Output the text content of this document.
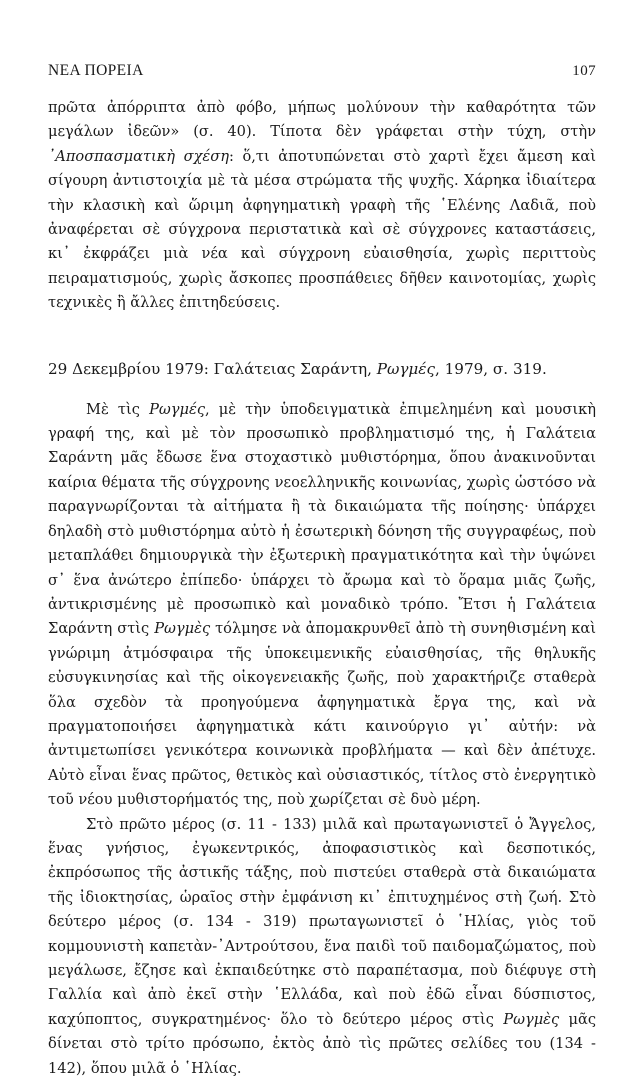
ΝΕΑ ΠΟΡΕΙΑ	107

πρῶτα ἀπόρριπτα ἀπὸ φόβο, μήπως μολύνουν τὴν καθαρότητα τῶν μεγάλων ἰδεῶν» (σ. 40). Τίποτα δὲν γράφεται στὴν τύχη, στὴν ᾿Αποσπασματικὴ σχέση: ὅ,τι ἀποτυπώνεται στὸ χαρτὶ ἔχει ἄμεση καὶ σίγουρη ἀντιστοιχία μὲ τὰ μέσα στρώματα τῆς ψυχῆς. Χάρηκα ἰδιαίτερα τὴν κλασικὴ καὶ ὥριμη ἀφηγηματικὴ γραφὴ τῆς ῾Ελένης Λαδιᾶ, ποὺ ἀναφέρεται σὲ σύγχρονα περιστατικὰ καὶ σὲ σύγχρονες καταστάσεις, κι᾿ ἐκφράζει μιὰ νέα καὶ σύγχρονη εὐαισθησία, χωρὶς περιττοὺς πειραματισμούς, χωρὶς ἄσκοπες προσπάθειες δῆθεν καινοτομίας, χωρὶς τεχνικὲς ἢ ἄλλες ἐπιτηδεύσεις.

29 Δεκεμβρίου 1979: Γαλάτειας Σαράντη, Ρωγμές, 1979, σ. 319.

Μὲ τὶς Ρωγμές, μὲ τὴν ὑποδειγματικὰ ἐπιμελημένη καὶ μουσικὴ γραφή της, καὶ μὲ τὸν προσωπικὸ προβληματισμό της, ἡ Γαλάτεια Σαράντη μᾶς ἔδωσε ἕνα στοχαστικὸ μυθιστόρημα, ὅπου ἀνακινοῦνται καίρια θέματα τῆς σύγχρονης νεοελληνικῆς κοινωνίας, χωρὶς ὡστόσο νὰ παραγνωρίζονται τὰ αἰτήματα ἢ τὰ δικαιώματα τῆς ποίησης· ὑπάρχει δηλαδὴ στὸ μυθιστόρημα αὐτὸ ἡ ἐσωτερικὴ δόνηση τῆς συγγραφέως, ποὺ μεταπλάθει δημιουργικὰ τὴν ἐξωτερικὴ πραγματικότητα καὶ τὴν ὑψώνει σ᾿ ἕνα ἀνώτερο ἐπίπεδο· ὑπάρχει τὸ ἄρωμα καὶ τὸ ὅραμα μιᾶς ζωῆς, ἀντικρισμένης μὲ προσωπικὸ καὶ μοναδικὸ τρόπο. Ἔτσι ἡ Γαλάτεια Σαράντη στὶς Ρωγμὲς τόλμησε νὰ ἀπομακρυνθεῖ ἀπὸ τὴ συνηθισμένη καὶ γνώριμη ἀτμόσφαιρα τῆς ὑποκειμενικῆς εὐαισθησίας, τῆς θηλυκῆς εὐσυγκινησίας καὶ τῆς οἰκογενειακῆς ζωῆς, ποὺ χαρακτήριζε σταθερὰ ὅλα σχεδὸν τὰ προηγούμενα ἀφηγηματικὰ ἔργα της, καὶ νὰ πραγματοποιήσει ἀφηγηματικὰ κάτι καινούργιο γι᾿ αὐτήν: νὰ ἀντιμετωπίσει γενικότερα κοινωνικὰ προβλήματα — καὶ δὲν ἀπέτυχε. Αὐτὸ εἶναι ἕνας πρῶτος, θετικὸς καὶ οὐσιαστικός, τίτλος στὸ ἐνεργητικὸ τοῦ νέου μυθιστορήματός της, ποὺ χωρίζεται σὲ δυὸ μέρη.

Στὸ πρῶτο μέρος (σ. 11 - 133) μιλᾶ καὶ πρωταγωνιστεῖ ὁ Ἄγγελος, ἕνας γνήσιος, ἐγωκεντρικός, ἀποφασιστικὸς καὶ δεσποτικός, ἐκπρόσωπος τῆς ἀστικῆς τάξης, ποὺ πιστεύει σταθερὰ στὰ δικαιώματα τῆς ἰδιοκτησίας, ὡραῖος στὴν ἐμφάνιση κι᾿ ἐπιτυχημένος στὴ ζωή. Στὸ δεύτερο μέρος (σ. 134 - 319) πρωταγωνιστεῖ ὁ ῾Ηλίας, γιὸς τοῦ κομμουνιστὴ καπετὰν-᾿Αντρούτσου, ἕνα παιδὶ τοῦ παιδομαζώματος, ποὺ μεγάλωσε, ἔζησε καὶ ἐκπαιδεύτηκε στὸ παραπέτασμα, ποὺ διέφυγε στὴ Γαλλία καὶ ἀπὸ ἐκεῖ στὴν ῾Ελλάδα, καὶ ποὺ ἐδῶ εἶναι δύσπιστος, καχύποπτος, συγκρατημένος· ὅλο τὸ δεύτερο μέρος στὶς Ρωγμὲς μᾶς δίνεται στὸ τρίτο πρόσωπο, ἐκτὸς ἀπὸ τὶς πρῶτες σελίδες του (134 - 142), ὅπου μιλᾶ ὁ ῾Ηλίας.
